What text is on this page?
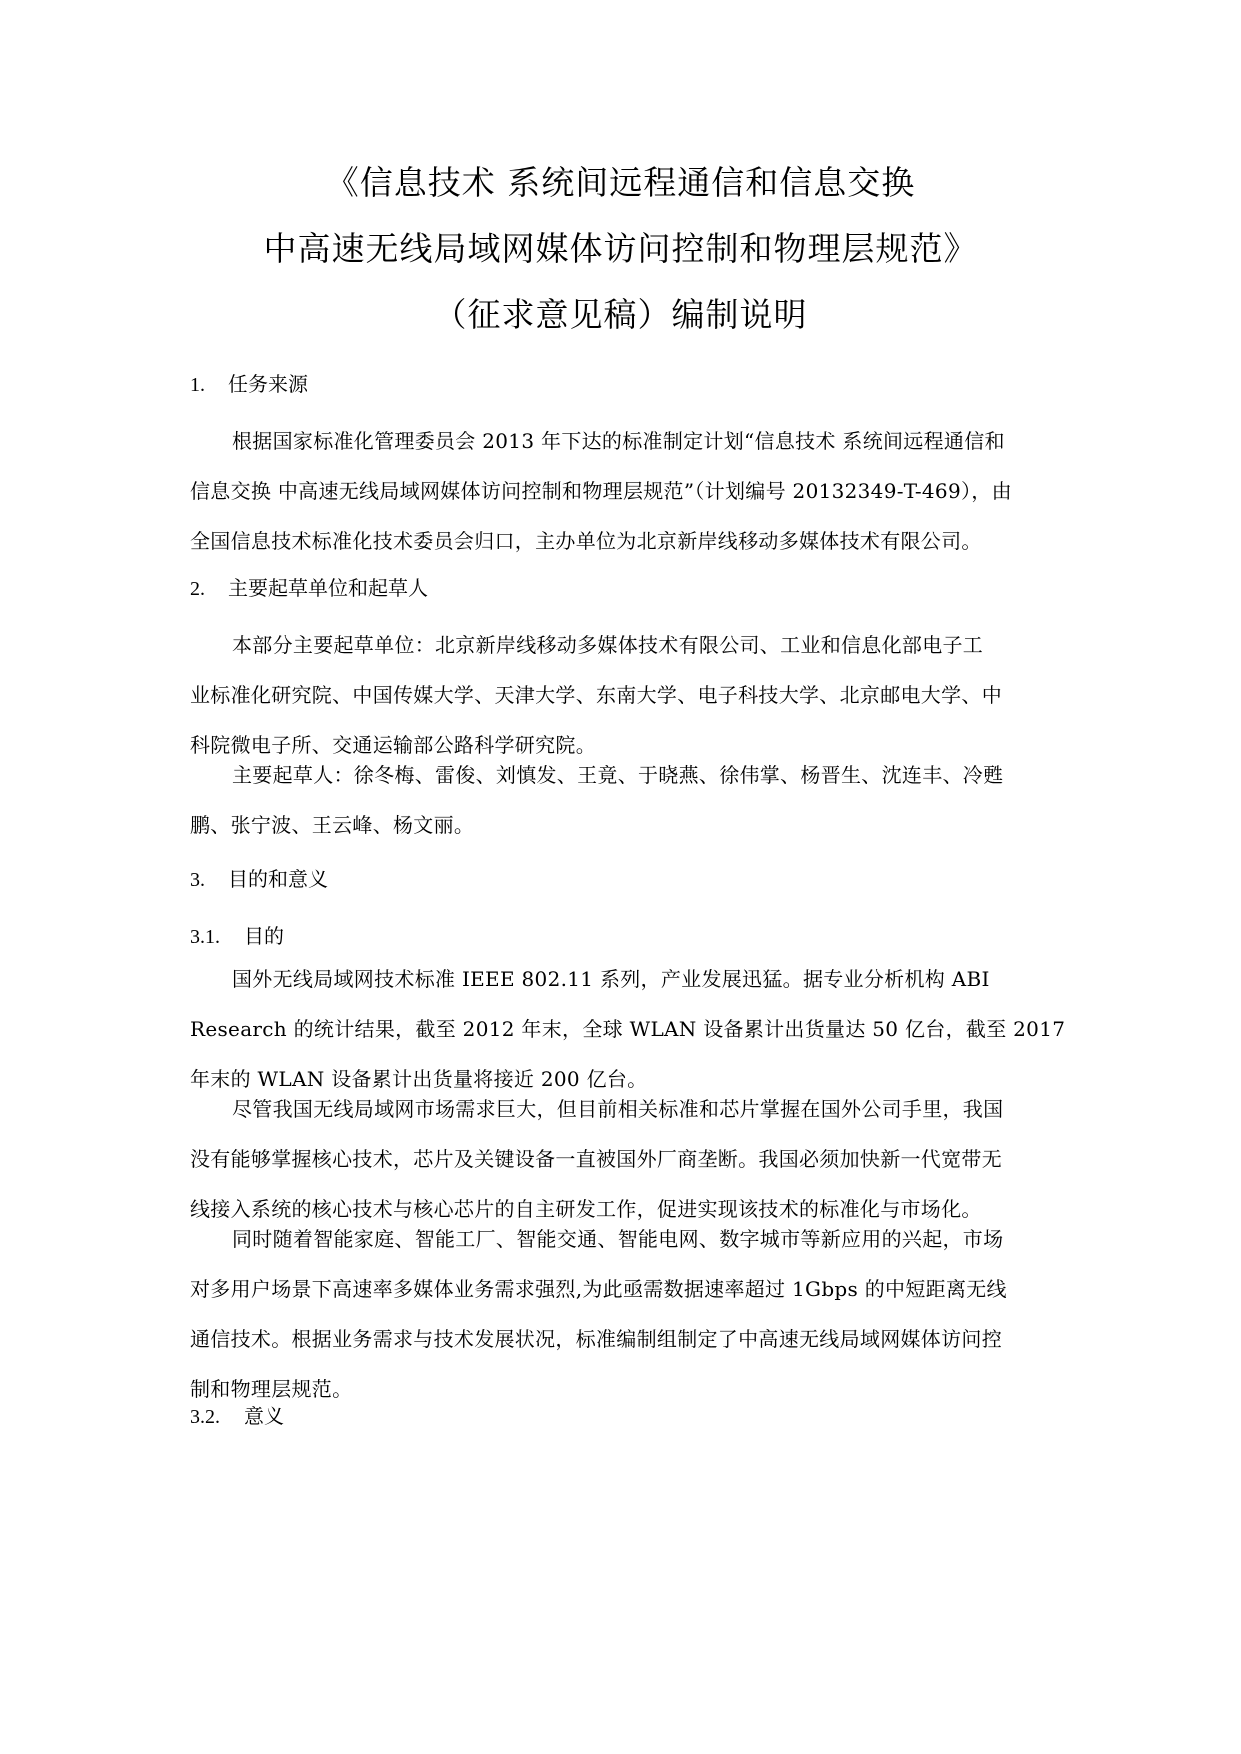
《信息技术 系统间远程通信和信息交换
中高速无线局域网媒体访问控制和物理层规范》
（征求意见稿）编制说明
1. 任务来源
根据国家标准化管理委员会 2013 年下达的标准制定计划“信息技术 系统间远程通信和
信息交换 中高速无线局域网媒体访问控制和物理层规范”（计划编号 20132349-T-469），由
全国信息技术标准化技术委员会归口，主办单位为北京新岸线移动多媒体技术有限公司。
2. 主要起草单位和起草人
本部分主要起草单位：北京新岸线移动多媒体技术有限公司、工业和信息化部电子工
业标准化研究院、中国传媒大学、天津大学、东南大学、电子科技大学、北京邮电大学、中
科院微电子所、交通运输部公路科学研究院。
主要起草人：徐冬梅、雷俊、刘慎发、王竟、于晓燕、徐伟掌、杨晋生、沈连丰、冷甦
鹏、张宁波、王云峰、杨文丽。
3. 目的和意义
3.1. 目的
国外无线局域网技术标准 IEEE 802.11 系列，产业发展迅猛。据专业分析机构 ABI
Research 的统计结果，截至 2012 年末，全球 WLAN 设备累计出货量达 50 亿台，截至 2017
年末的 WLAN 设备累计出货量将接近 200 亿台。
尽管我国无线局域网市场需求巨大，但目前相关标准和芯片掌握在国外公司手里，我国
没有能够掌握核心技术，芯片及关键设备一直被国外厂商垄断。我国必须加快新一代宽带无
线接入系统的核心技术与核心芯片的自主研发工作，促进实现该技术的标准化与市场化。
同时随着智能家庭、智能工厂、智能交通、智能电网、数字城市等新应用的兴起，市场
对多用户场景下高速率多媒体业务需求强烈,为此亟需数据速率超过 1Gbps 的中短距离无线
通信技术。根据业务需求与技术发展状况，标准编制组制定了中高速无线局域网媒体访问控
制和物理层规范。
3.2. 意义
